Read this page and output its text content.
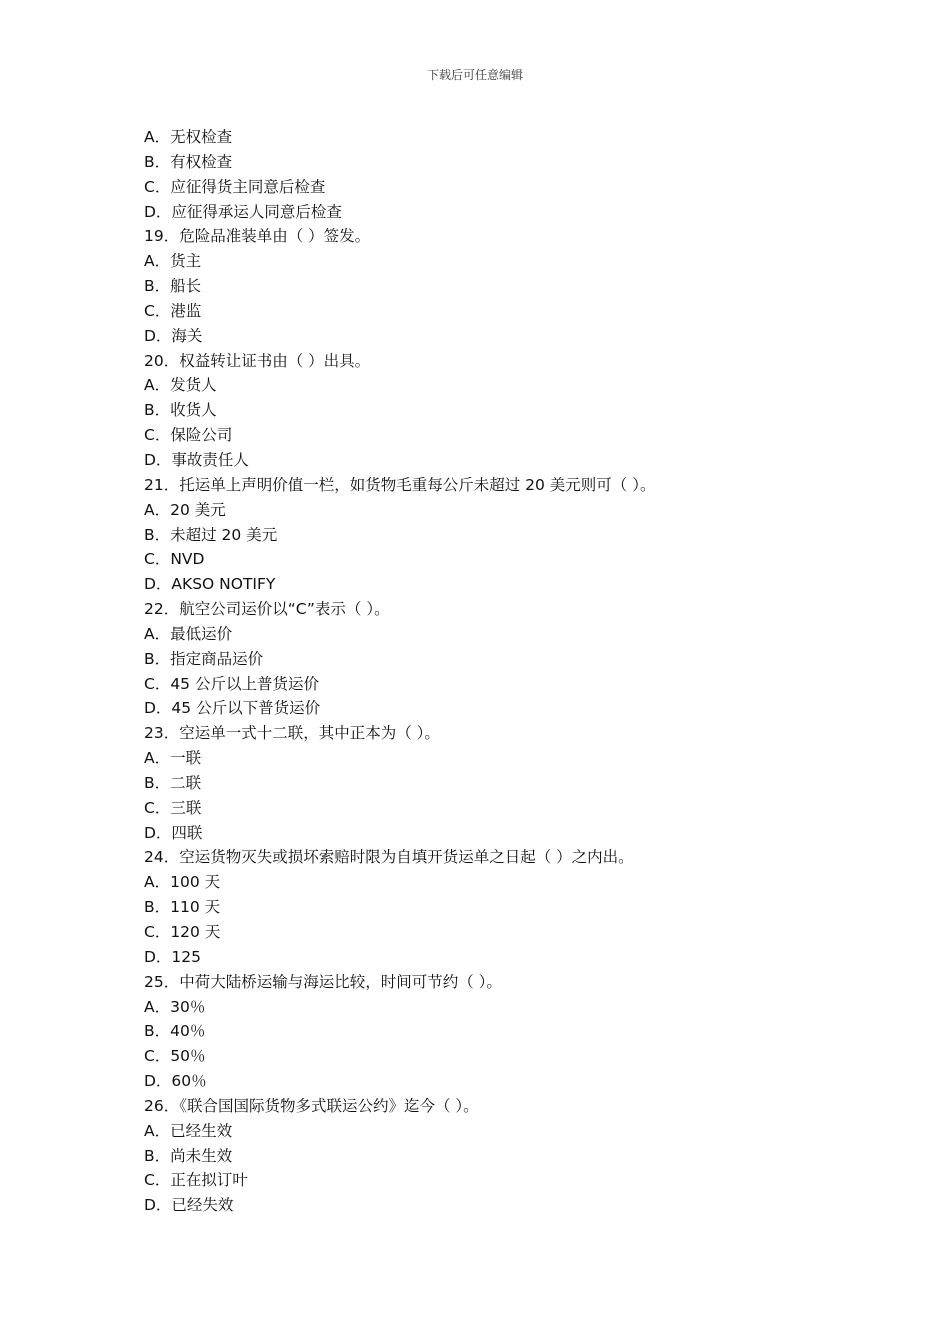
下载后可任意编辑
A．无权检查
B．有权检查
C．应征得货主同意后检查
D．应征得承运人同意后检查
19．危险品准装单由（ ）签发。
A．货主
B．船长
C．港监
D．海关
20．权益转让证书由（ ）出具。
A．发货人
B．收货人
C．保险公司
D．事故责任人
21．托运单上声明价值一栏，如货物毛重每公斤未超过 20 美元则可（ ）。
A．20 美元
B．未超过 20 美元
C．NVD
D．AKSO NOTIFY
22．航空公司运价以“C”表示（ ）。
A．最低运价
B．指定商品运价
C．45 公斤以上普货运价
D．45 公斤以下普货运价
23．空运单一式十二联，其中正本为（ ）。
A．一联
B．二联
C．三联
D．四联
24．空运货物灭失或损坏索赔时限为自填开货运单之日起（ ）之内出。
A．100 天
B．110 天
C．120 天
D．125
25．中荷大陆桥运输与海运比较，时间可节约（ ）。
A．30％
B．40％
C．50％
D．60％
26．《联合国国际货物多式联运公约》迄今（ ）。
A．已经生效
B．尚未生效
C．正在拟订叶
D．已经失效
